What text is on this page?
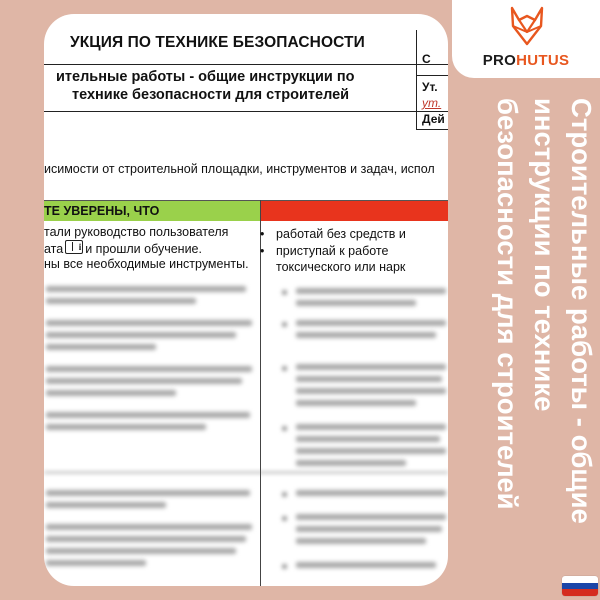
УКЦИЯ ПО ТЕХНИКЕ БЕЗОПАСНОСТИ
ительные работы - общие инструкции по
технике безопасности для строителей
С
Ут.
ут.
Дей
исимости от строительной площадки, инструментов и задач, испол
ТЕ УВЕРЕНЫ, ЧТО
тали руководство пользователя
атаi и прошли обучение.
ны все необходимые инструменты.
• работай без средств и
• приступай к работе
токсического или нарк
PROHUTUS
Строительные работы - общие инструкции по технике безопасности для строителей
